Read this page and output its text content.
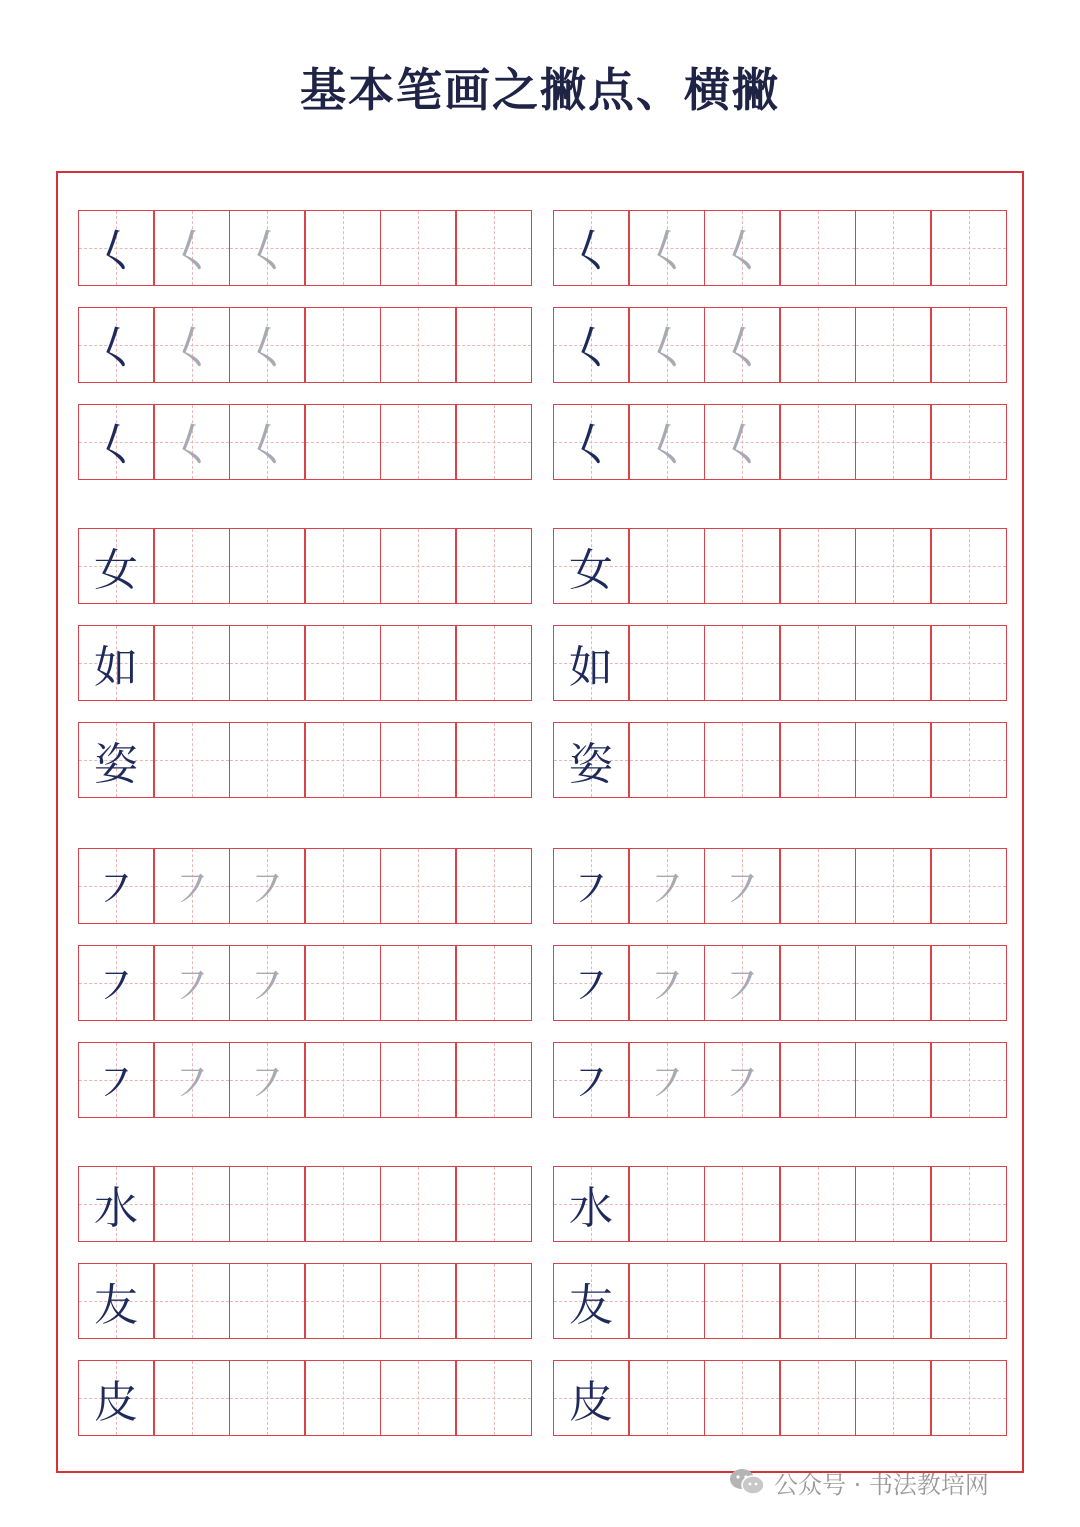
基本笔画之撇点、横撇
𡿨 𡿨 𡿨	𡿨 𡿨 𡿨
𡿨 𡿨 𡿨	𡿨 𡿨 𡿨
𡿨 𡿨 𡿨	𡿨 𡿨 𡿨
女	女
如	如
姿	姿
㇇ ㇇ ㇇	㇇ ㇇ ㇇
㇇ ㇇ ㇇	㇇ ㇇ ㇇
㇇ ㇇ ㇇	㇇ ㇇ ㇇
水	水
友	友
皮	皮
公众号 · 书法教培网
